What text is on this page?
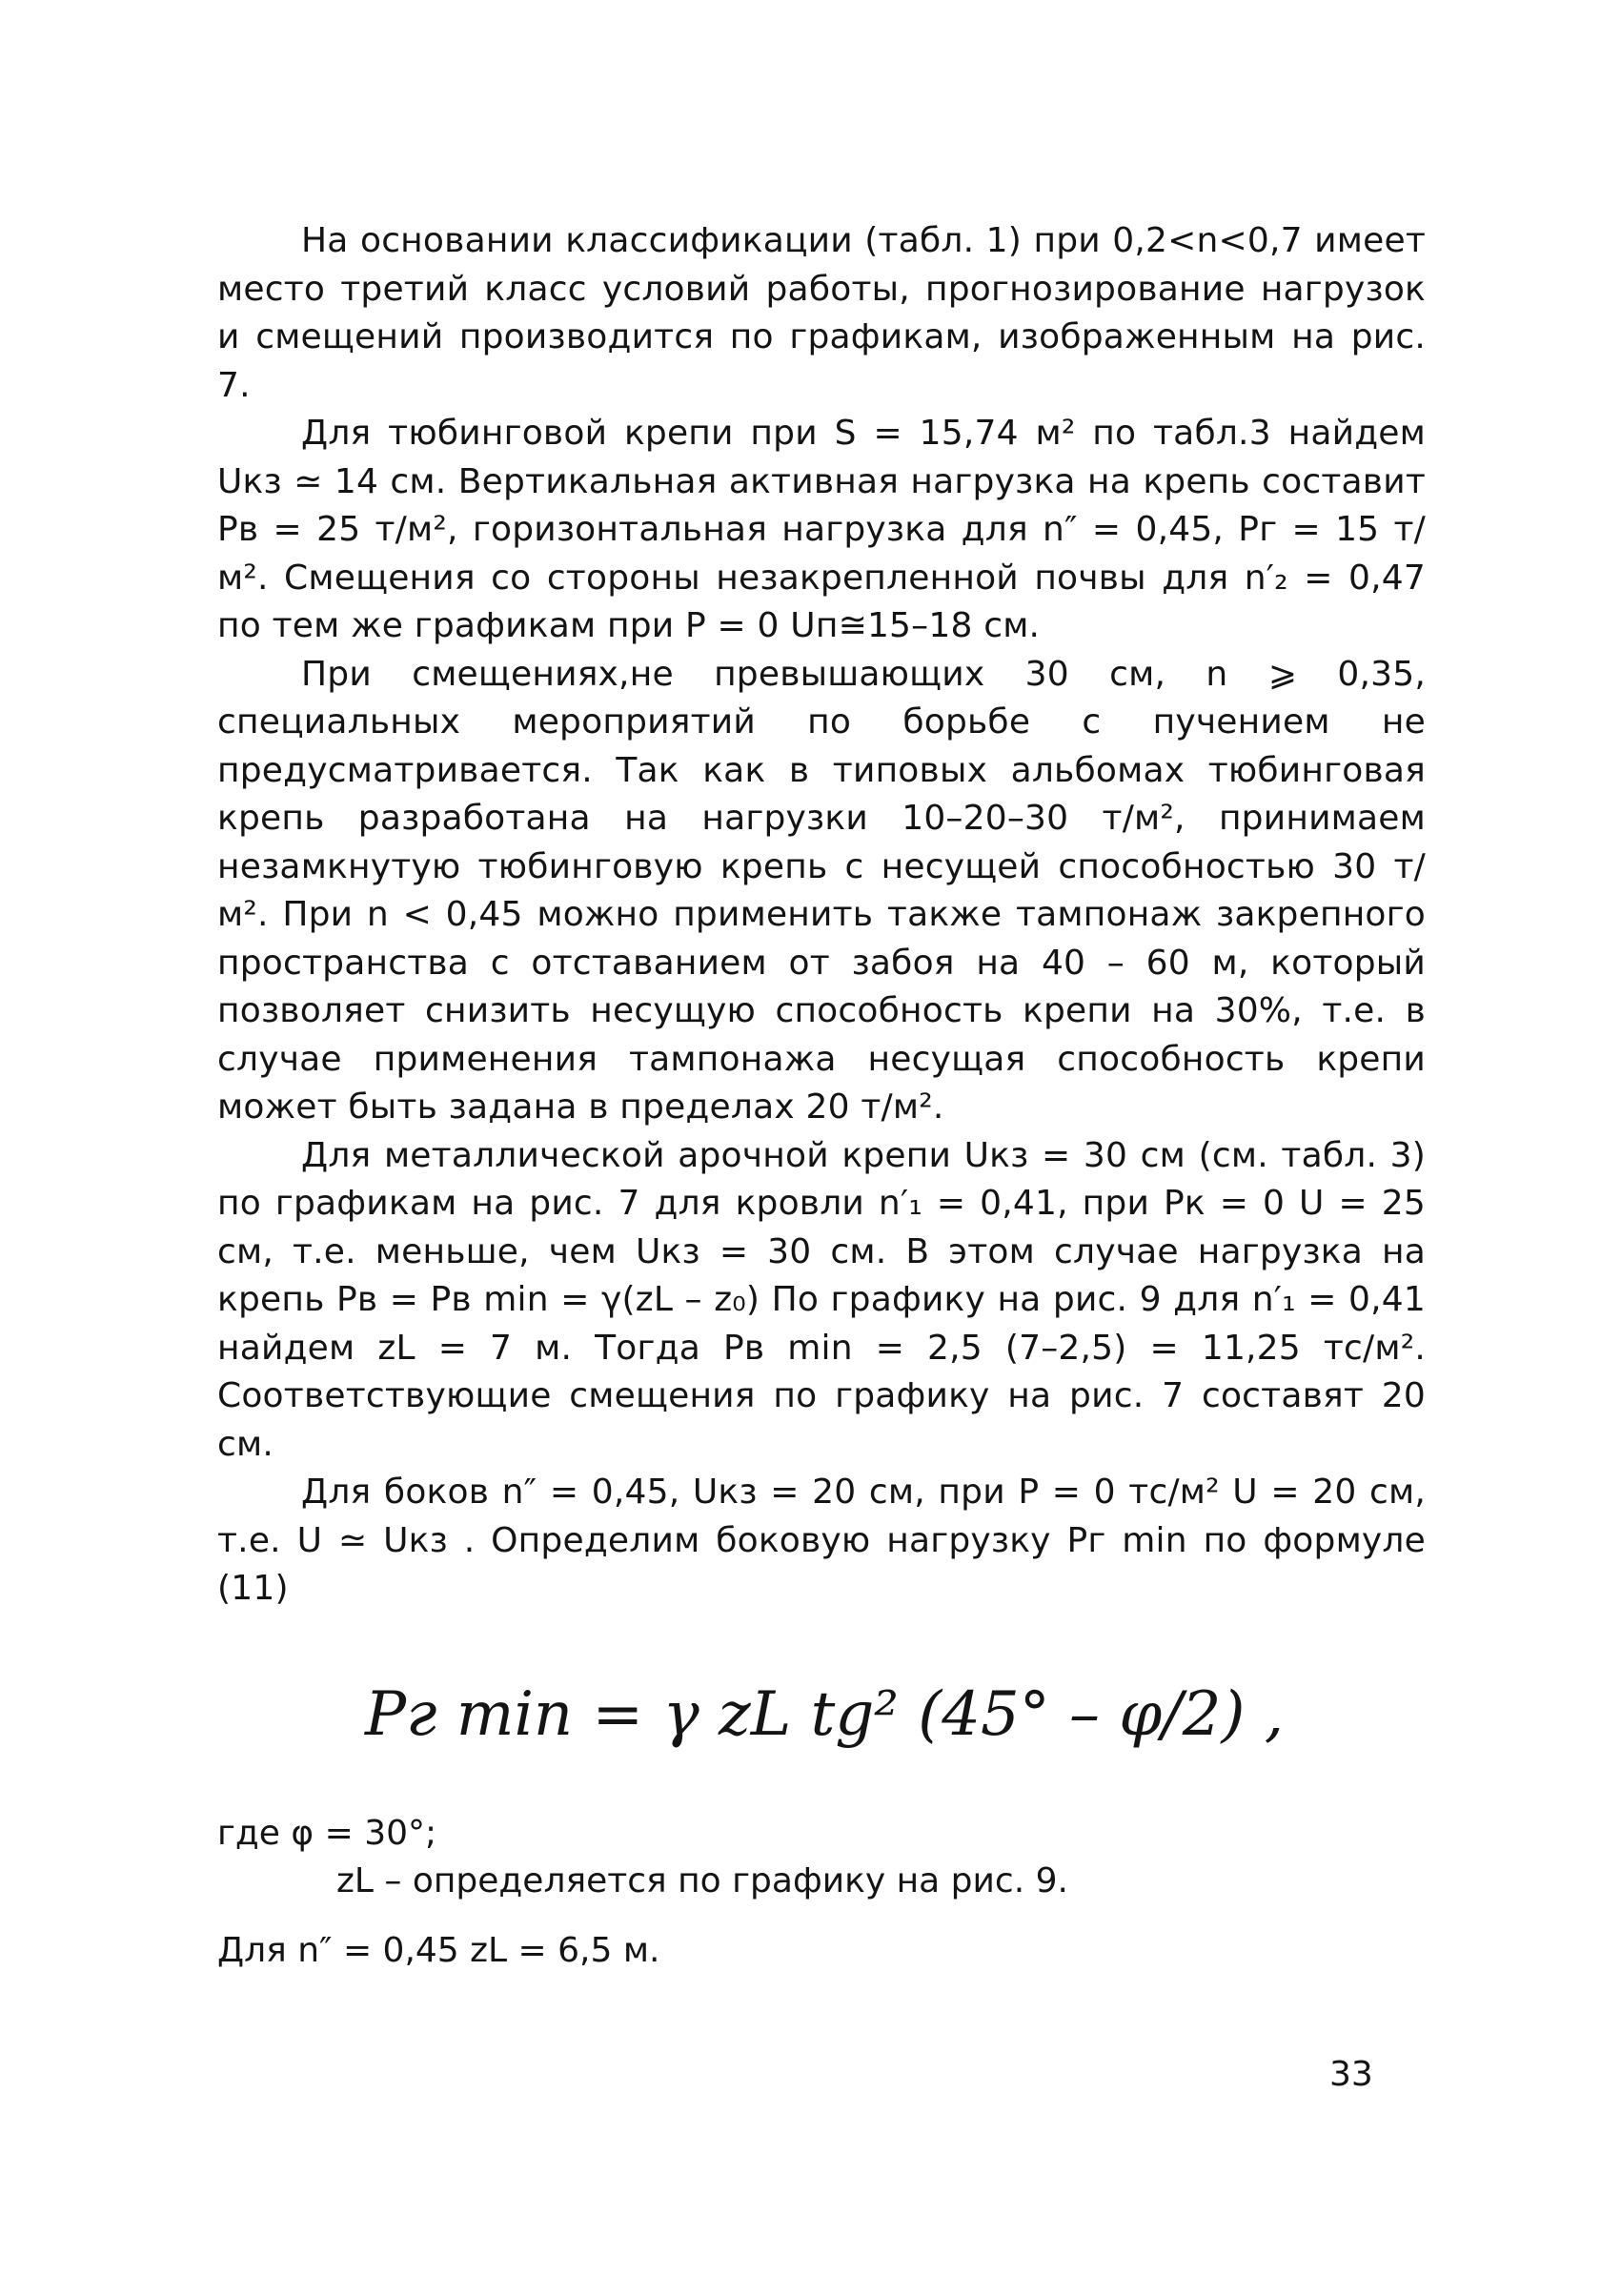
На основании классификации (табл. 1) при 0,2<n<0,7 имеет место третий класс условий работы, прогнозирование нагрузок и смещений производится по графикам, изображенным на рис. 7.

Для тюбинговой крепи при S = 15,74 м² по табл.3 найдем Uкз ≃ 14 см. Вертикальная активная нагрузка на крепь составит Pв = 25 т/м², горизонтальная нагрузка для n″ = 0,45, Pг = 15 т/м². Смещения со стороны незакрепленной почвы для n′₂ = 0,47 по тем же графикам при P = 0 Uп≅15–18 см.

При смещениях,не превышающих 30 см, n ⩾ 0,35, специальных мероприятий по борьбе с пучением не предусматривается. Так как в типовых альбомах тюбинговая крепь разработана на нагрузки 10–20–30 т/м², принимаем незамкнутую тюбинговую крепь с несущей способностью 30 т/м². При n < 0,45 можно применить также тампонаж закрепного пространства с отставанием от забоя на 40 – 60 м, который позволяет снизить несущую способность крепи на 30%, т.е. в случае применения тампонажа несущая способность крепи может быть задана в пределах 20 т/м².

Для металлической арочной крепи Uкз = 30 см (см. табл. 3) по графикам на рис. 7 для кровли n′₁ = 0,41, при Pк = 0 U = 25 см, т.е. меньше, чем Uкз = 30 см. В этом случае нагрузка на крепь Pв = Pв min = γ(zL – z₀) По графику на рис. 9 для n′₁ = 0,41 найдем zL = 7 м. Тогда Pв min = 2,5 (7–2,5) = 11,25 тс/м². Соответствующие смещения по графику на рис. 7 составят 20 см.

Для боков n″ = 0,45, Uкз = 20 см, при P = 0 тс/м² U = 20 см, т.е. U ≃ Uкз . Определим боковую нагрузку Pг min по формуле (11)

Pг min = γ zL tg² (45° – φ/2) ,
где φ = 30°;
zL – определяется по графику на рис. 9.
Для n″ = 0,45 zL = 6,5 м.
33
